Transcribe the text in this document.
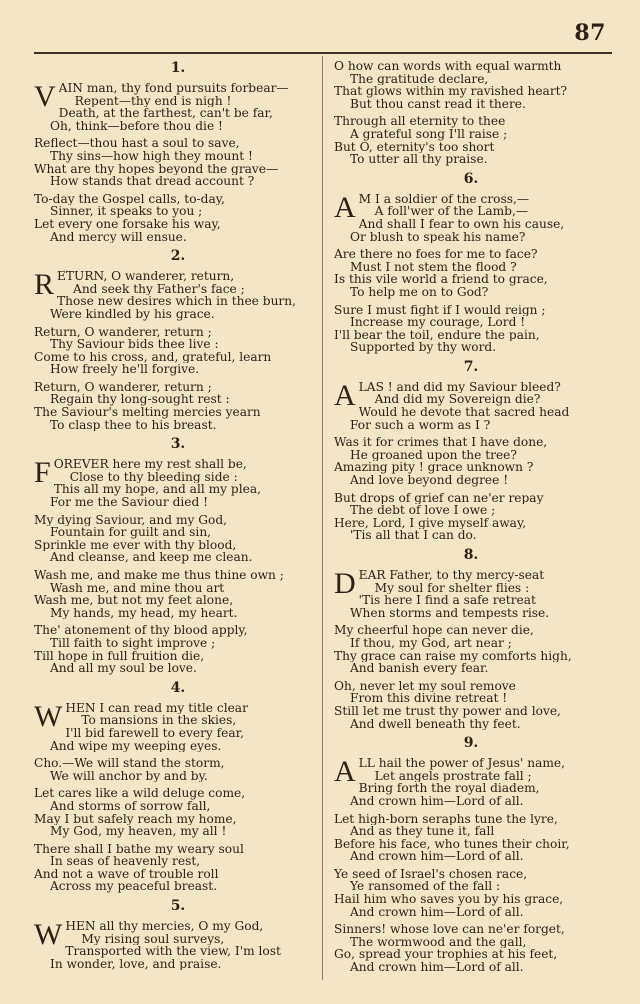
87
1.
V AIN man, thy fond pursuits forbear—
Repent—thy end is nigh !
Death, at the farthest, can't be far,
Oh, think—before thou die !
Reflect—thou hast a soul to save,
Thy sins—how high they mount !
What are thy hopes beyond the grave—
How stands that dread account ?
To-day the Gospel calls, to-day,
Sinner, it speaks to you ;
Let every one forsake his way,
And mercy will ensue.
2.
R ETURN, O wanderer, return,
And seek thy Father's face ;
Those new desires which in thee burn,
Were kindled by his grace.
Return, O wanderer, return ;
Thy Saviour bids thee live :
Come to his cross, and, grateful, learn
How freely he'll forgive.
Return, O wanderer, return ;
Regain thy long-sought rest :
The Saviour's melting mercies yearn
To clasp thee to his breast.
3.
F OREVER here my rest shall be,
Close to thy bleeding side :
This all my hope, and all my plea,
For me the Saviour died !
My dying Saviour, and my God,
Fountain for guilt and sin,
Sprinkle me ever with thy blood,
And cleanse, and keep me clean.
Wash me, and make me thus thine own ;
Wash me, and mine thou art
Wash me, but not my feet alone,
My hands, my head, my heart.
The' atonement of thy blood apply,
Till faith to sight improve ;
Till hope in full fruition die,
And all my soul be love.
4.
W HEN I can read my title clear
To mansions in the skies,
I'll bid farewell to every fear,
And wipe my weeping eyes.
Cho.—We will stand the storm,
We will anchor by and by.
Let cares like a wild deluge come,
And storms of sorrow fall,
May I but safely reach my home,
My God, my heaven, my all !
There shall I bathe my weary soul
In seas of heavenly rest,
And not a wave of trouble roll
Across my peaceful breast.
5.
W HEN all thy mercies, O my God,
My rising soul surveys,
Transported with the view, I'm lost
In wonder, love, and praise.
O how can words with equal warmth
The gratitude declare,
That glows within my ravished heart?
But thou canst read it there.
Through all eternity to thee
A grateful song I'll raise ;
But O, eternity's too short
To utter all thy praise.
6.
A M I a soldier of the cross,—
A foll'wer of the Lamb,—
And shall I fear to own his cause,
Or blush to speak his name?
Are there no foes for me to face?
Must I not stem the flood ?
Is this vile world a friend to grace,
To help me on to God?
Sure I must fight if I would reign ;
Increase my courage, Lord !
I'll bear the toil, endure the pain,
Supported by thy word.
7.
A LAS ! and did my Saviour bleed?
And did my Sovereign die?
Would he devote that sacred head
For such a worm as I ?
Was it for crimes that I have done,
He groaned upon the tree?
Amazing pity ! grace unknown ?
And love beyond degree !
But drops of grief can ne'er repay
The debt of love I owe ;
Here, Lord, I give myself away,
'Tis all that I can do.
8.
D EAR Father, to thy mercy-seat
My soul for shelter flies :
'Tis here I find a safe retreat
When storms and tempests rise.
My cheerful hope can never die,
If thou, my God, art near ;
Thy grace can raise my comforts high,
And banish every fear.
Oh, never let my soul remove
From this divine retreat !
Still let me trust thy power and love,
And dwell beneath thy feet.
9.
A LL hail the power of Jesus' name,
Let angels prostrate fall ;
Bring forth the royal diadem,
And crown him—Lord of all.
Let high-born seraphs tune the lyre,
And as they tune it, fall
Before his face, who tunes their choir,
And crown him—Lord of all.
Ye seed of Israel's chosen race,
Ye ransomed of the fall :
Hail him who saves you by his grace,
And crown him—Lord of all.
Sinners! whose love can ne'er forget,
The wormwood and the gall,
Go, spread your trophies at his feet,
And crown him—Lord of all.
